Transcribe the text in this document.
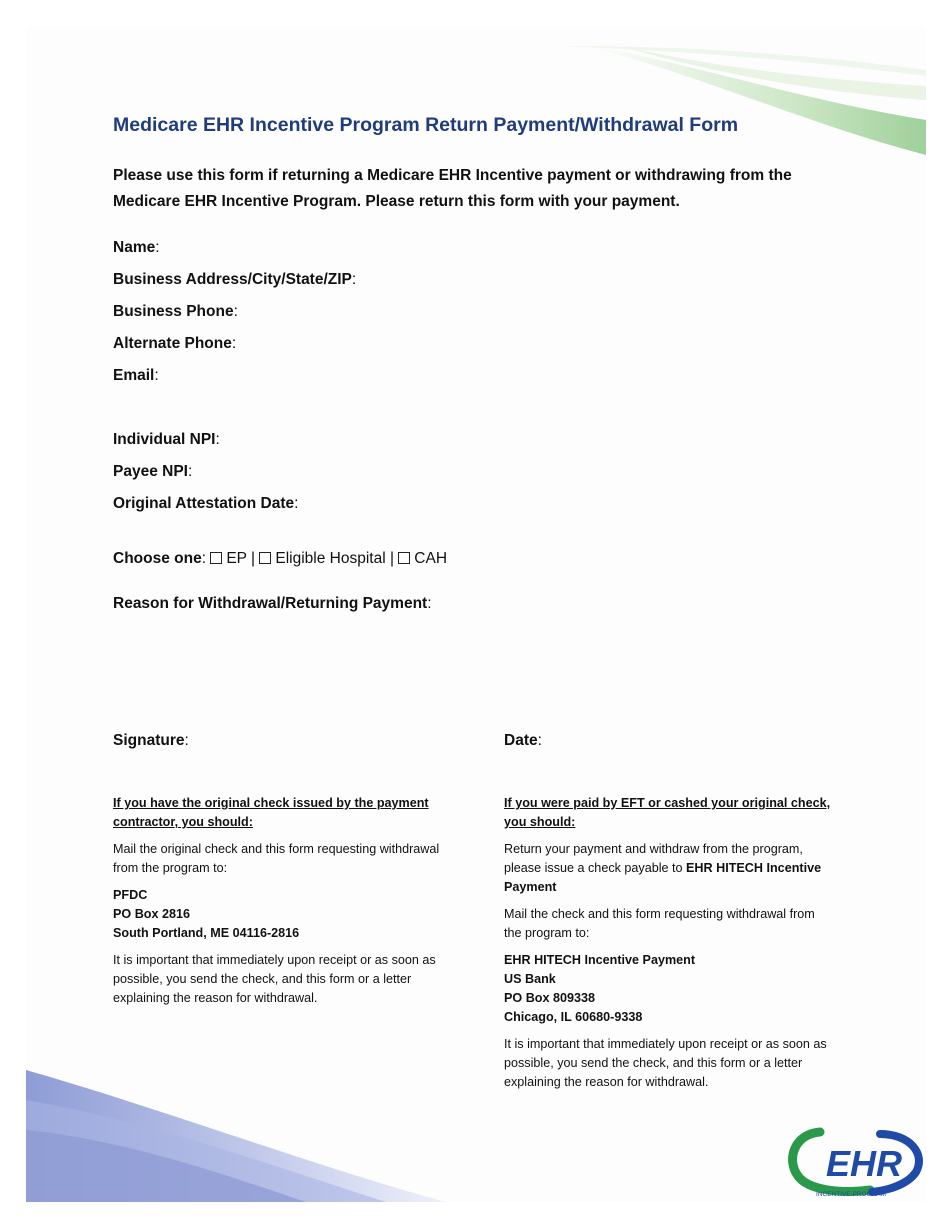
Medicare EHR Incentive Program Return Payment/Withdrawal Form
Please use this form if returning a Medicare EHR Incentive payment or withdrawing from the Medicare EHR Incentive Program. Please return this form with your payment.
Name:
Business Address/City/State/ZIP:
Business Phone:
Alternate Phone:
Email:
Individual NPI:
Payee NPI:
Original Attestation Date:
Choose one: EP | Eligible Hospital | CAH
Reason for Withdrawal/Returning Payment:
Signature:	Date:
If you have the original check issued by the payment contractor, you should:

Mail the original check and this form requesting withdrawal from the program to:

PFDC
PO Box 2816
South Portland, ME 04116-2816

It is important that immediately upon receipt or as soon as possible, you send the check, and this form or a letter explaining the reason for withdrawal.

If you were paid by EFT or cashed your original check, you should:

Return your payment and withdraw from the program, please issue a check payable to EHR HITECH Incentive Payment

Mail the check and this form requesting withdrawal from the program to:

EHR HITECH Incentive Payment
US Bank
PO Box 809338
Chicago, IL 60680-9338

It is important that immediately upon receipt or as soon as possible, you send the check, and this form or a letter explaining the reason for withdrawal.

EHR
INCENTIVE PROGRAM
